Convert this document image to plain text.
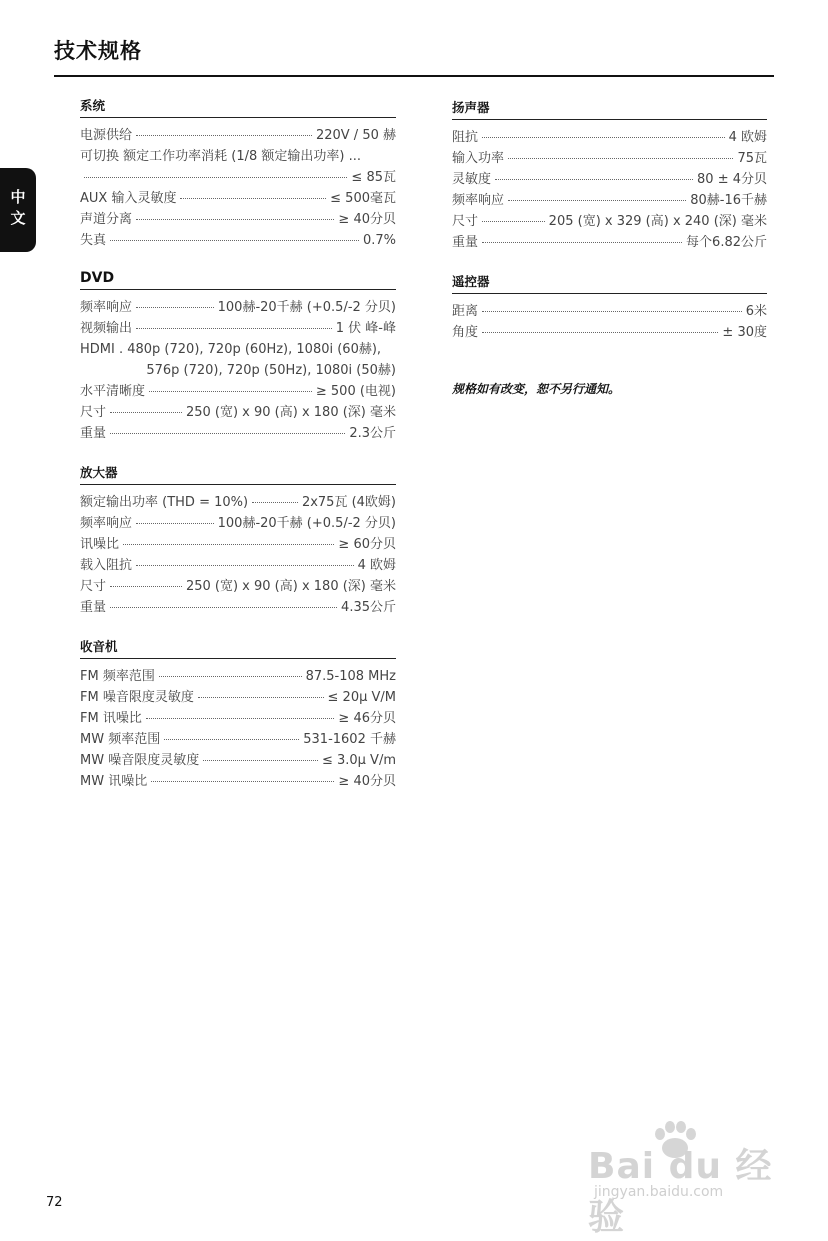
技术规格
中文
系统
电源供给	220V / 50 赫
可切换 额定工作功率消耗 (1/8 额定输出功率) ...
≤ 85瓦
AUX 输入灵敏度	≤ 500毫瓦
声道分离	≥ 40分贝
失真	0.7%
DVD
频率响应	100赫-20千赫 (+0.5/-2 分贝)
视频输出	1 伏 峰-峰
HDMI . 480p (720), 720p (60Hz), 1080i (60赫),
576p (720), 720p (50Hz), 1080i (50赫)
水平清晰度	≥ 500 (电视)
尺寸	250 (宽) x 90 (高) x 180 (深) 毫米
重量	2.3公斤
放大器
额定输出功率 (THD = 10%)	2x75瓦 (4欧姆)
频率响应	100赫-20千赫 (+0.5/-2 分贝)
讯噪比	≥ 60分贝
载入阻抗	4 欧姆
尺寸	250 (宽) x 90 (高) x 180 (深) 毫米
重量	4.35公斤
收音机
FM 频率范围	87.5-108 MHz
FM 噪音限度灵敏度	≤ 20µ V/M
FM 讯噪比	≥ 46分贝
MW 频率范围	531-1602 千赫
MW 噪音限度灵敏度	≤ 3.0µ V/m
MW 讯噪比	≥ 40分贝
扬声器
阻抗	4 欧姆
输入功率	75瓦
灵敏度	80 ± 4分贝
频率响应	80赫-16千赫
尺寸	205 (宽) x 329 (高) x 240 (深) 毫米
重量	每个6.82公斤
遥控器
距离	6米
角度	± 30度
规格如有改变，恕不另行通知。
72
Bai du 经验
jingyan.baidu.com
